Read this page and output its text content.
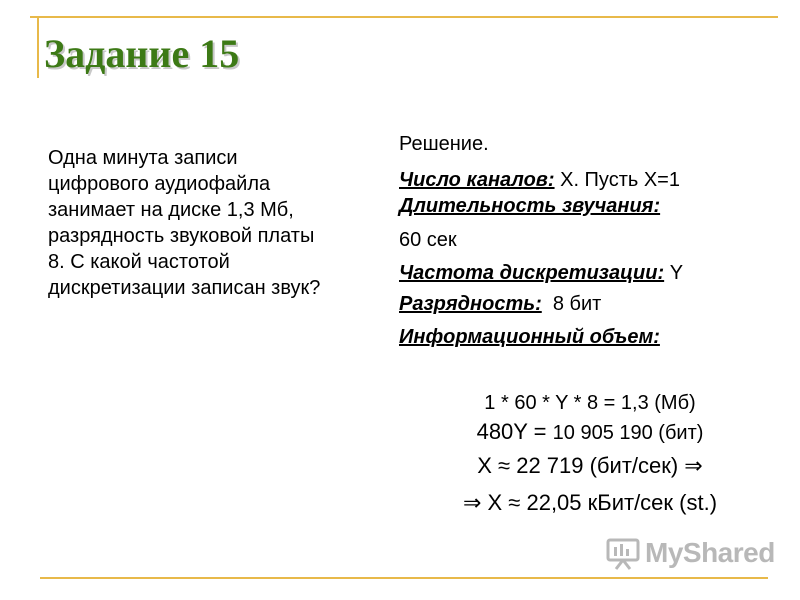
Задание 15
Одна минута записи
цифрового аудиофайла
занимает на диске 1,3 Мб,
разрядность звуковой платы
8. С какой частотой
дискретизации записан звук?
Решение.
Число каналов: Х. Пусть Х=1
Длительность звучания:
60 сек
Частота дискретизации: Y
Разрядность:  8 бит
Информационный объем:
1 * 60 * Y * 8 = 1,3 (Мб)
480Y = 10 905 190 (бит)
Х ≈ 22 719 (бит/сек) ⇒
⇒ Х ≈ 22,05 кБит/сек (st.)
MyShared
